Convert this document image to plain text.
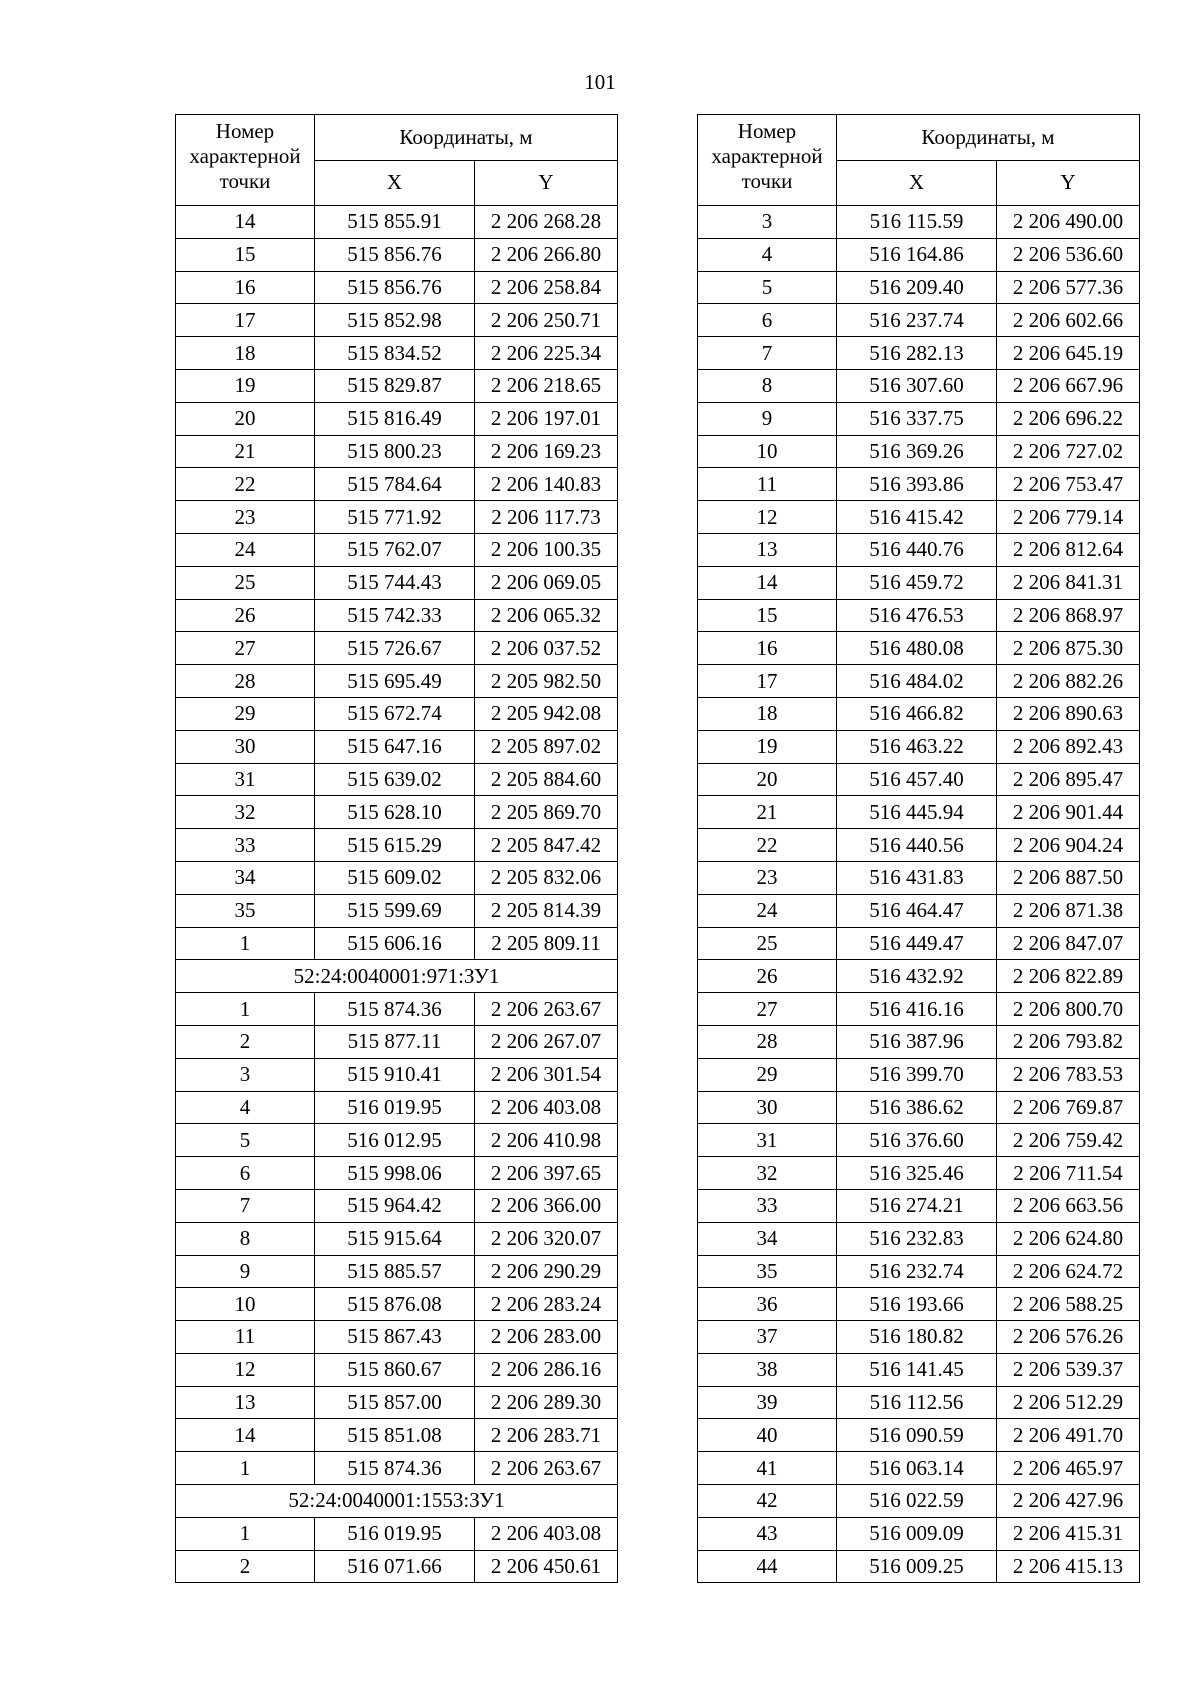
101
Номер характерной точки	Координаты, м	
	X	Y
14	515 855.91	2 206 268.28
15	515 856.76	2 206 266.80
16	515 856.76	2 206 258.84
17	515 852.98	2 206 250.71
18	515 834.52	2 206 225.34
19	515 829.87	2 206 218.65
20	515 816.49	2 206 197.01
21	515 800.23	2 206 169.23
22	515 784.64	2 206 140.83
23	515 771.92	2 206 117.73
24	515 762.07	2 206 100.35
25	515 744.43	2 206 069.05
26	515 742.33	2 206 065.32
27	515 726.67	2 206 037.52
28	515 695.49	2 205 982.50
29	515 672.74	2 205 942.08
30	515 647.16	2 205 897.02
31	515 639.02	2 205 884.60
32	515 628.10	2 205 869.70
33	515 615.29	2 205 847.42
34	515 609.02	2 205 832.06
35	515 599.69	2 205 814.39
1	515 606.16	2 205 809.11
52:24:0040001:971:ЗУ1		
1	515 874.36	2 206 263.67
2	515 877.11	2 206 267.07
3	515 910.41	2 206 301.54
4	516 019.95	2 206 403.08
5	516 012.95	2 206 410.98
6	515 998.06	2 206 397.65
7	515 964.42	2 206 366.00
8	515 915.64	2 206 320.07
9	515 885.57	2 206 290.29
10	515 876.08	2 206 283.24
11	515 867.43	2 206 283.00
12	515 860.67	2 206 286.16
13	515 857.00	2 206 289.30
14	515 851.08	2 206 283.71
1	515 874.36	2 206 263.67
52:24:0040001:1553:ЗУ1		
1	516 019.95	2 206 403.08
2	516 071.66	2 206 450.61
Номер характерной точки	Координаты, м	
	X	Y
3	516 115.59	2 206 490.00
4	516 164.86	2 206 536.60
5	516 209.40	2 206 577.36
6	516 237.74	2 206 602.66
7	516 282.13	2 206 645.19
8	516 307.60	2 206 667.96
9	516 337.75	2 206 696.22
10	516 369.26	2 206 727.02
11	516 393.86	2 206 753.47
12	516 415.42	2 206 779.14
13	516 440.76	2 206 812.64
14	516 459.72	2 206 841.31
15	516 476.53	2 206 868.97
16	516 480.08	2 206 875.30
17	516 484.02	2 206 882.26
18	516 466.82	2 206 890.63
19	516 463.22	2 206 892.43
20	516 457.40	2 206 895.47
21	516 445.94	2 206 901.44
22	516 440.56	2 206 904.24
23	516 431.83	2 206 887.50
24	516 464.47	2 206 871.38
25	516 449.47	2 206 847.07
26	516 432.92	2 206 822.89
27	516 416.16	2 206 800.70
28	516 387.96	2 206 793.82
29	516 399.70	2 206 783.53
30	516 386.62	2 206 769.87
31	516 376.60	2 206 759.42
32	516 325.46	2 206 711.54
33	516 274.21	2 206 663.56
34	516 232.83	2 206 624.80
35	516 232.74	2 206 624.72
36	516 193.66	2 206 588.25
37	516 180.82	2 206 576.26
38	516 141.45	2 206 539.37
39	516 112.56	2 206 512.29
40	516 090.59	2 206 491.70
41	516 063.14	2 206 465.97
42	516 022.59	2 206 427.96
43	516 009.09	2 206 415.31
44	516 009.25	2 206 415.13
